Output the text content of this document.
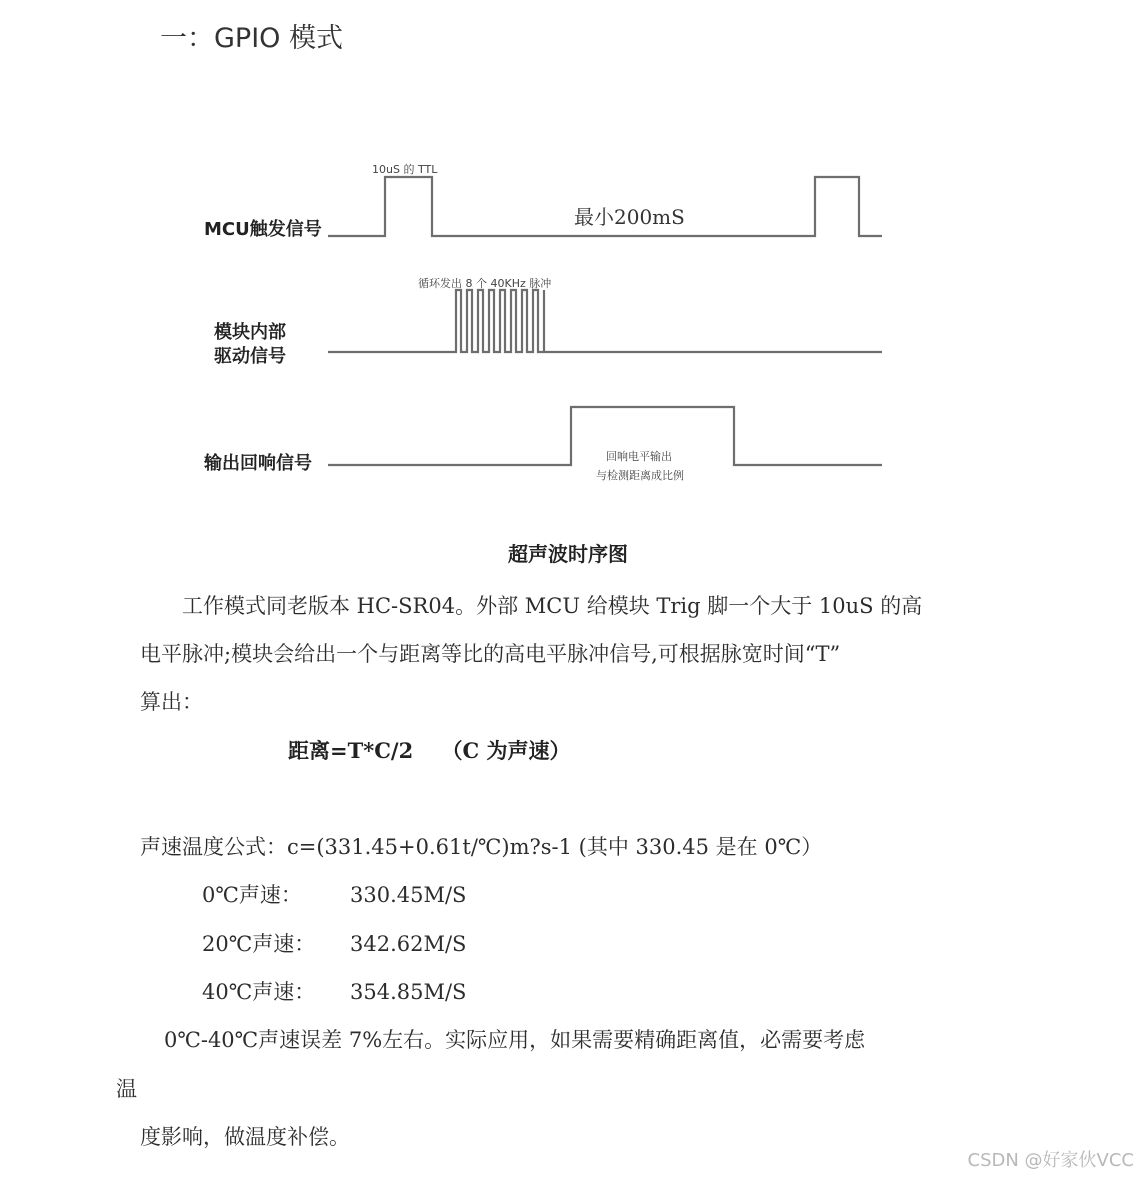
一：GPIO 模式
MCU触发信号
模块内部
驱动信号
输出回响信号
10uS 的 TTL
最小200mS
循环发出 8 个 40KHz 脉冲
回响电平输出
与检测距离成比例
超声波时序图
工作模式同老版本 HC-SR04。外部 MCU 给模块 Trig 脚一个大于 10uS 的高
电平脉冲;模块会给出一个与距离等比的高电平脉冲信号,可根据脉宽时间“T”
算出：
距离=T*C/2　 （C 为声速）
声速温度公式：c=(331.45+0.61t/℃)m?s-1 (其中 330.45 是在 0℃）
0℃声速： 330.45M/S
20℃声速： 342.62M/S
40℃声速： 354.85M/S
0℃-40℃声速误差 7%左右。实际应用，如果需要精确距离值，必需要考虑
温
度影响，做温度补偿。
CSDN @好家伙VCC
